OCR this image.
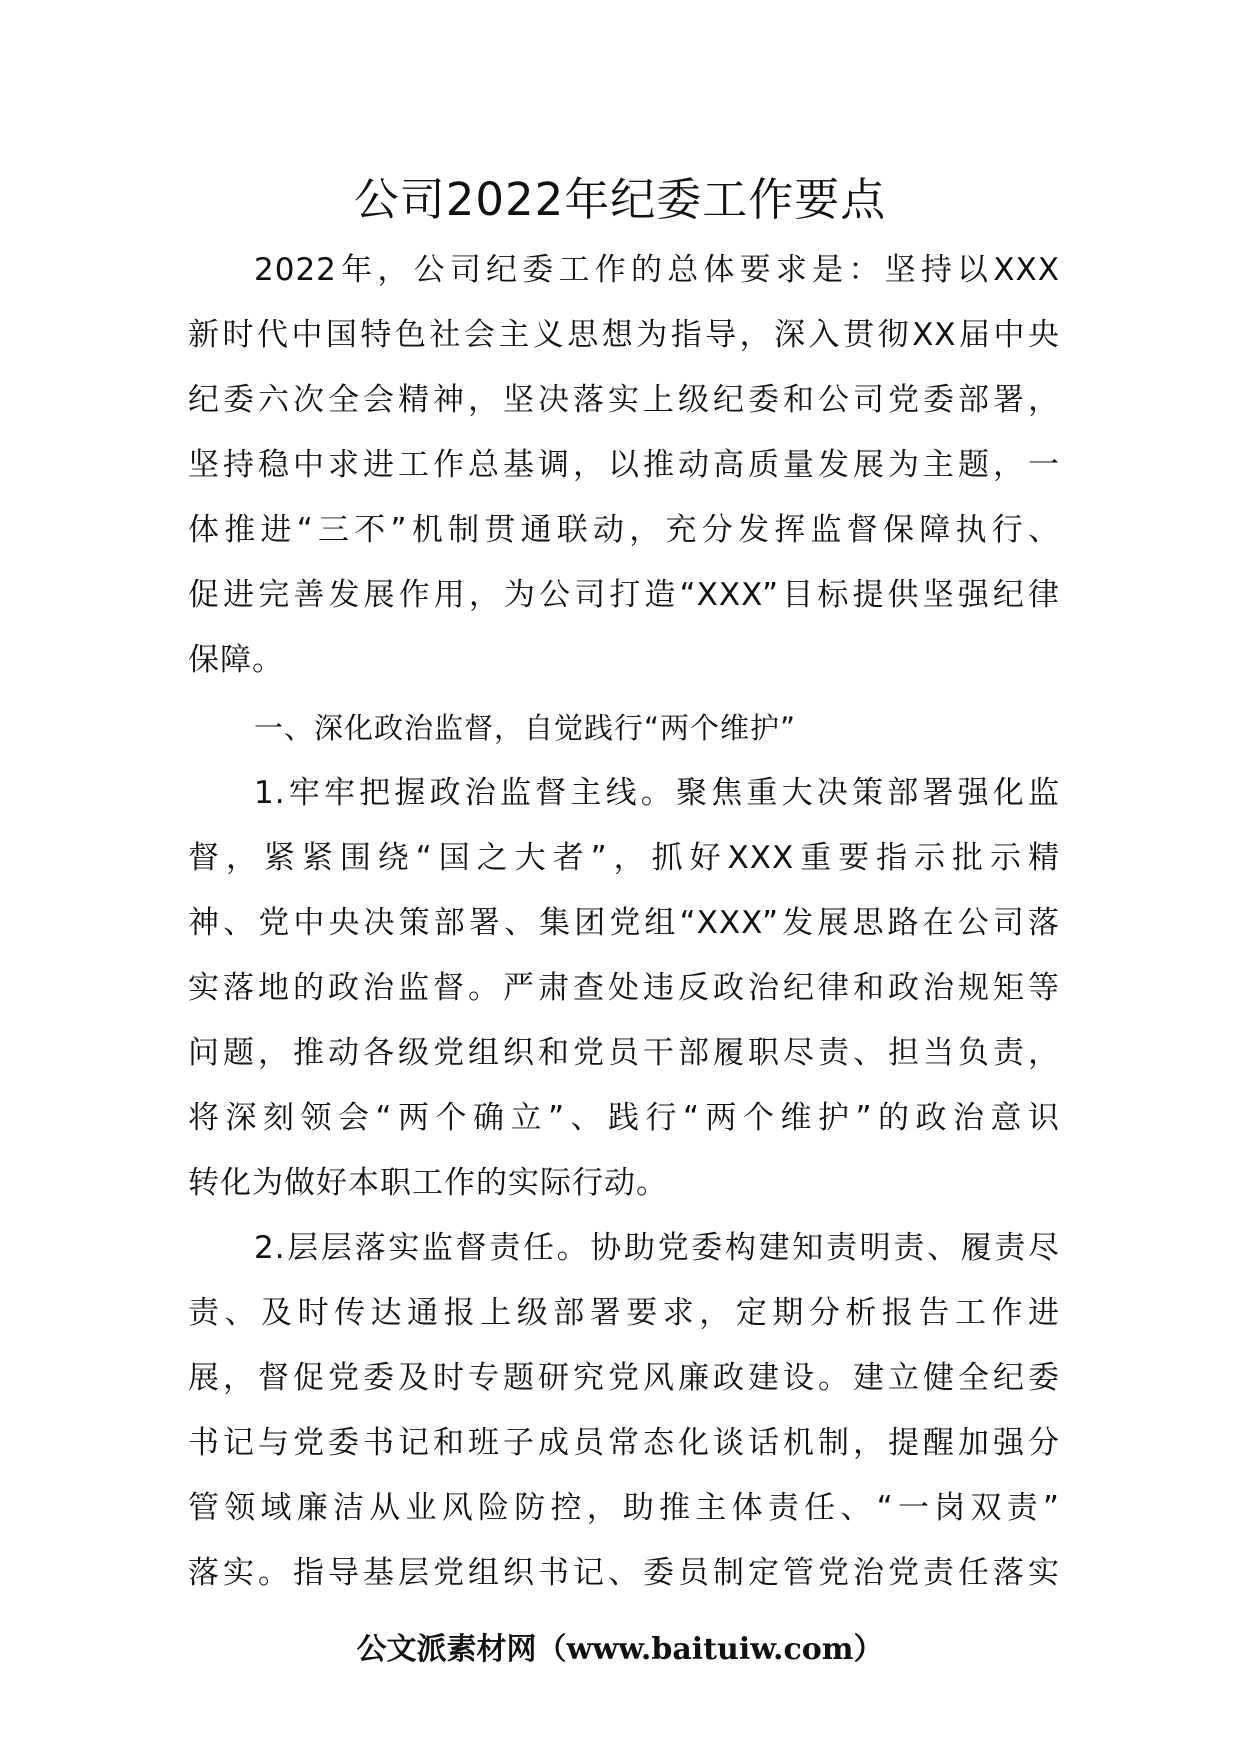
公司2022年纪委工作要点
2022年，公司纪委工作的总体要求是：坚持以XXX
新时代中国特色社会主义思想为指导，深入贯彻XX届中央
纪委六次全会精神，坚决落实上级纪委和公司党委部署，
坚持稳中求进工作总基调，以推动高质量发展为主题，一
体推进“三不”机制贯通联动，充分发挥监督保障执行、
促进完善发展作用，为公司打造“XXX”目标提供坚强纪律
保障。
一、深化政治监督，自觉践行“两个维护”
1.牢牢把握政治监督主线。聚焦重大决策部署强化监
督，紧紧围绕“国之大者”，抓好XXX重要指示批示精
神、党中央决策部署、集团党组“XXX”发展思路在公司落
实落地的政治监督。严肃查处违反政治纪律和政治规矩等
问题，推动各级党组织和党员干部履职尽责、担当负责，
将深刻领会“两个确立”、践行“两个维护”的政治意识
转化为做好本职工作的实际行动。
2.层层落实监督责任。协助党委构建知责明责、履责尽
责、及时传达通报上级部署要求，定期分析报告工作进
展，督促党委及时专题研究党风廉政建设。建立健全纪委
书记与党委书记和班子成员常态化谈话机制，提醒加强分
管领域廉洁从业风险防控，助推主体责任、“一岗双责”
落实。指导基层党组织书记、委员制定管党治党责任落实
公文派素材网（www.baituiw.com）
